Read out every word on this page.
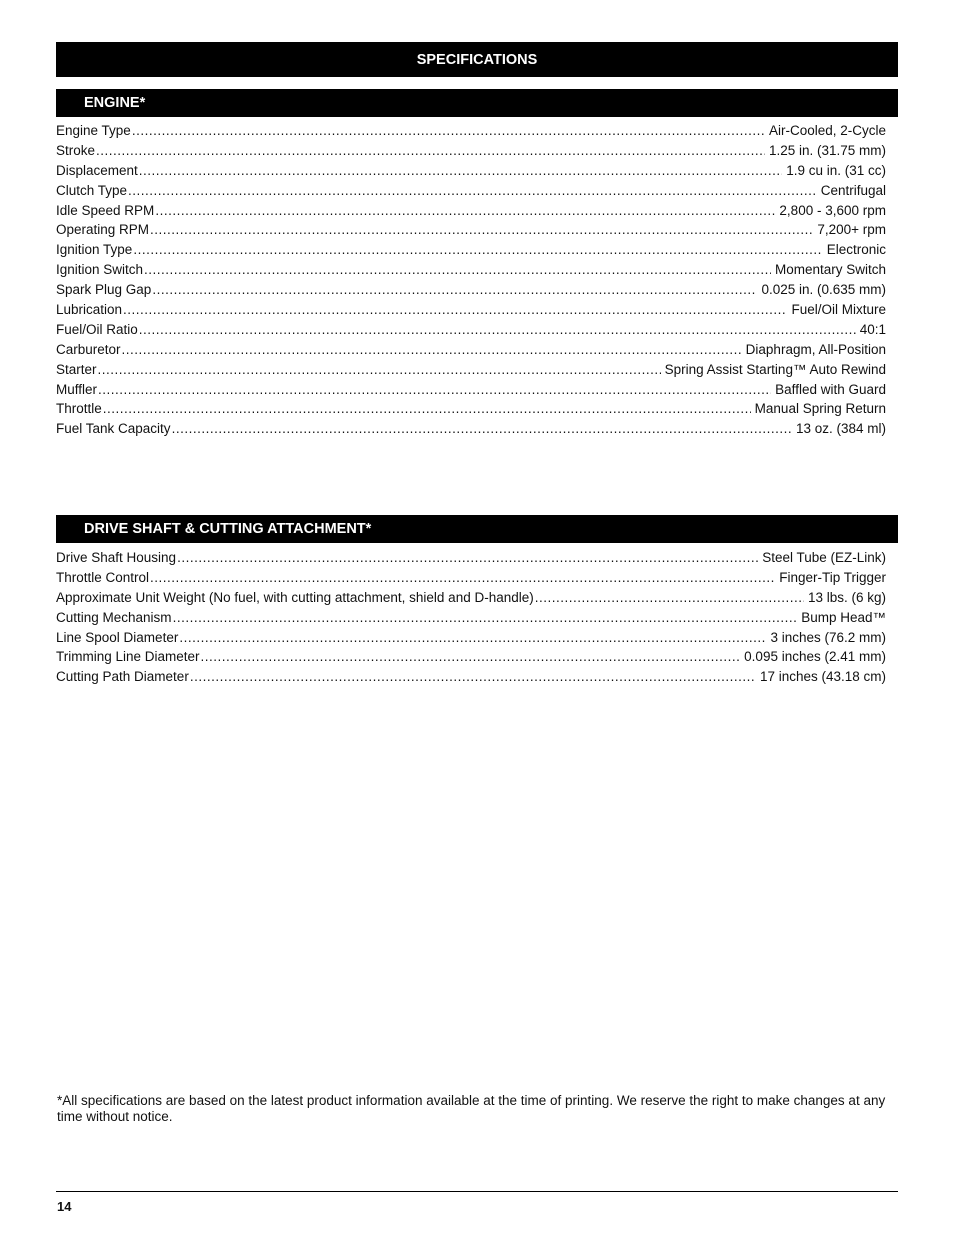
SPECIFICATIONS
ENGINE*
Engine Type .....	Air-Cooled, 2-Cycle
Stroke .....	1.25 in. (31.75 mm)
Displacement .....	1.9 cu in. (31 cc)
Clutch Type .....	Centrifugal
Idle Speed RPM .....	2,800 - 3,600 rpm
Operating RPM .....	7,200+ rpm
Ignition Type .....	Electronic
Ignition Switch .....	Momentary Switch
Spark Plug Gap .....	0.025 in. (0.635 mm)
Lubrication .....	Fuel/Oil Mixture
Fuel/Oil Ratio .....	40:1
Carburetor .....	Diaphragm, All-Position
Starter .....	Spring Assist Starting™ Auto Rewind
Muffler .....	Baffled with Guard
Throttle .....	Manual Spring Return
Fuel Tank Capacity .....	13 oz. (384 ml)
DRIVE SHAFT & CUTTING ATTACHMENT*
Drive Shaft Housing .....	Steel Tube (EZ-Link)
Throttle Control .....	Finger-Tip Trigger
Approximate Unit Weight (No fuel, with cutting attachment, shield and D-handle) .....	13 lbs. (6 kg)
Cutting Mechanism .....	Bump Head™
Line Spool Diameter .....	3 inches (76.2 mm)
Trimming Line Diameter .....	0.095 inches (2.41 mm)
Cutting Path Diameter .....	17 inches (43.18 cm)
*All specifications are based on the latest product information available at the time of printing. We reserve the right to make changes at any time without notice.
14
